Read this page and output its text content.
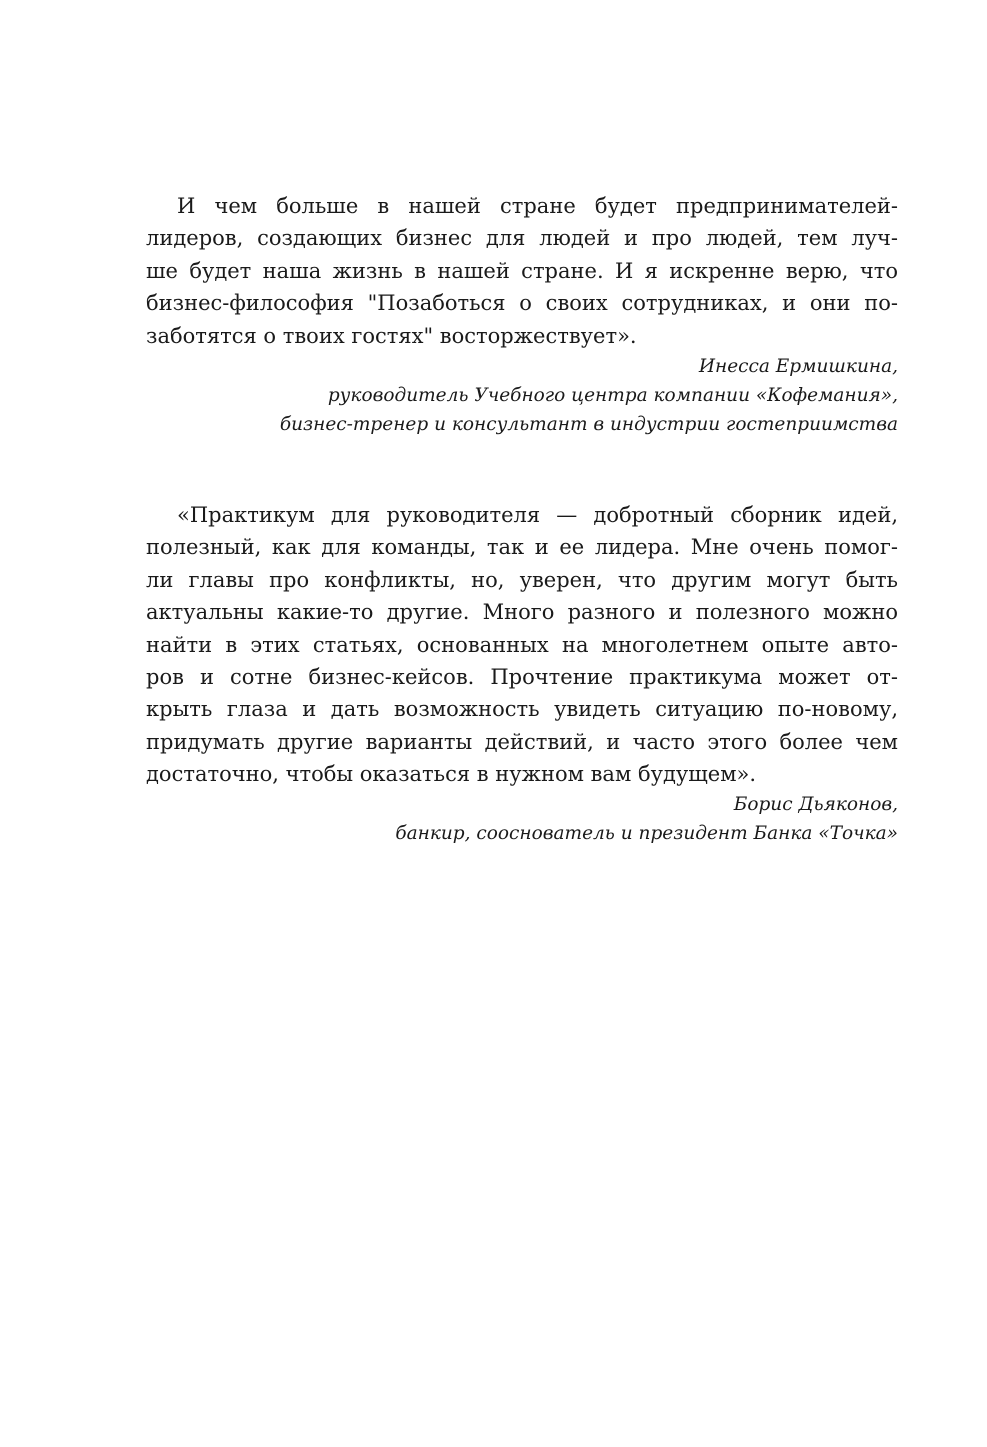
И чем больше в нашей стране будет предпринимателей-
лидеров, создающих бизнес для людей и про людей, тем луч-
ше будет наша жизнь в нашей стране. И я искренне верю, что
бизнес-философия "Позаботься о своих сотрудниках, и они по-
заботятся о твоих гостях" восторжествует».
Инесса Ермишкина,
руководитель Учебного центра компании «Кофемания»,
бизнес-тренер и консультант в индустрии гостеприимства
«Практикум для руководителя — добротный сборник идей,
полезный, как для команды, так и ее лидера. Мне очень помог-
ли главы про конфликты, но, уверен, что другим могут быть
актуальны какие-то другие. Много разного и полезного можно
найти в этих статьях, основанных на многолетнем опыте авто-
ров и сотне бизнес-кейсов. Прочтение практикума может от-
крыть глаза и дать возможность увидеть ситуацию по-новому,
придумать другие варианты действий, и часто этого более чем
достаточно, чтобы оказаться в нужном вам будущем».
Борис Дьяконов,
банкир, сооснователь и президент Банка «Точка»
